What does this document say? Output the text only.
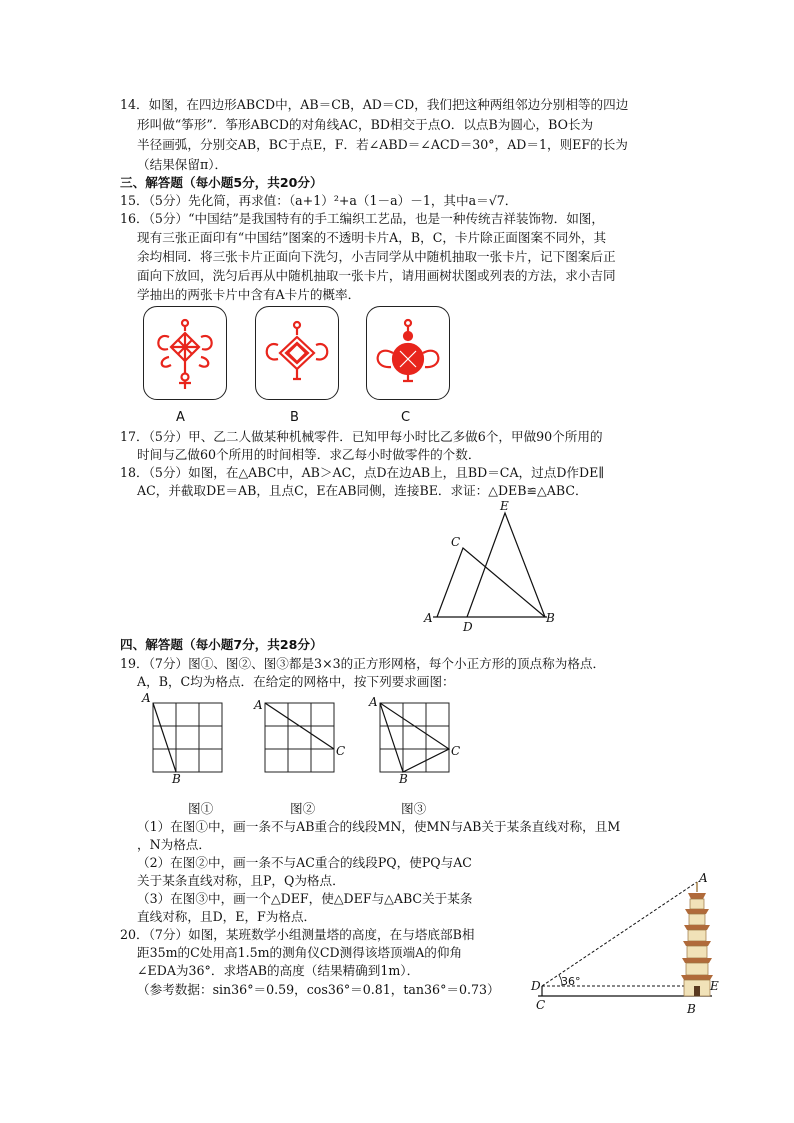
14．如图，在四边形ABCD中，AB＝CB，AD＝CD，我们把这种两组邻边分别相等的四边
形叫做“筝形”．筝形ABCD的对角线AC，BD相交于点O．以点B为圆心，BO长为
半径画弧，分别交AB，BC于点E，F．若∠ABD＝∠ACD＝30°，AD＝1，则EF的长为
（结果保留π）．
三、解答题（每小题5分，共20分）
15．（5分）先化简，再求值：（a+1）²+a（1－a）－1，其中a＝√7．
16．（5分）“中国结”是我国特有的手工编织工艺品，也是一种传统吉祥装饰物．如图，
现有三张正面印有“中国结”图案的不透明卡片A，B，C，卡片除正面图案不同外，其
余均相同．将三张卡片正面向下洗匀，小吉同学从中随机抽取一张卡片，记下图案后正
面向下放回，洗匀后再从中随机抽取一张卡片，请用画树状图或列表的方法，求小吉同
学抽出的两张卡片中含有A卡片的概率．
A	B	C
17．（5分）甲、乙二人做某种机械零件．已知甲每小时比乙多做6个，甲做90个所用的
时间与乙做60个所用的时间相等．求乙每小时做零件的个数．
18．（5分）如图，在△ABC中，AB＞AC，点D在边AB上，且BD＝CA，过点D作DE∥
AC，并截取DE＝AB，且点C，E在AB同侧，连接BE．求证：△DEB≌△ABC．
E
C
A
D
B
四、解答题（每小题7分，共28分）
19．（7分）图①、图②、图③都是3×3的正方形网格，每个小正方形的顶点称为格点．
A，B，C均为格点．在给定的网格中，按下列要求画图：
A
B
A
C
A
B
C
图①	图②	图③
（1）在图①中，画一条不与AB重合的线段MN，使MN与AB关于某条直线对称，且M
，N为格点．
（2）在图②中，画一条不与AC重合的线段PQ，使PQ与AC
关于某条直线对称，且P，Q为格点．
（3）在图③中，画一个△DEF，使△DEF与△ABC关于某条
直线对称，且D，E，F为格点．
20．（7分）如图，某班数学小组测量塔的高度，在与塔底部B相
距35m的C处用高1.5m的测角仪CD测得该塔顶端A的仰角
∠EDA为36°．求塔AB的高度（结果精确到1m）．
（参考数据：sin36°＝0.59，cos36°＝0.81，tan36°＝0.73）
A
D
C
E
B
36°
